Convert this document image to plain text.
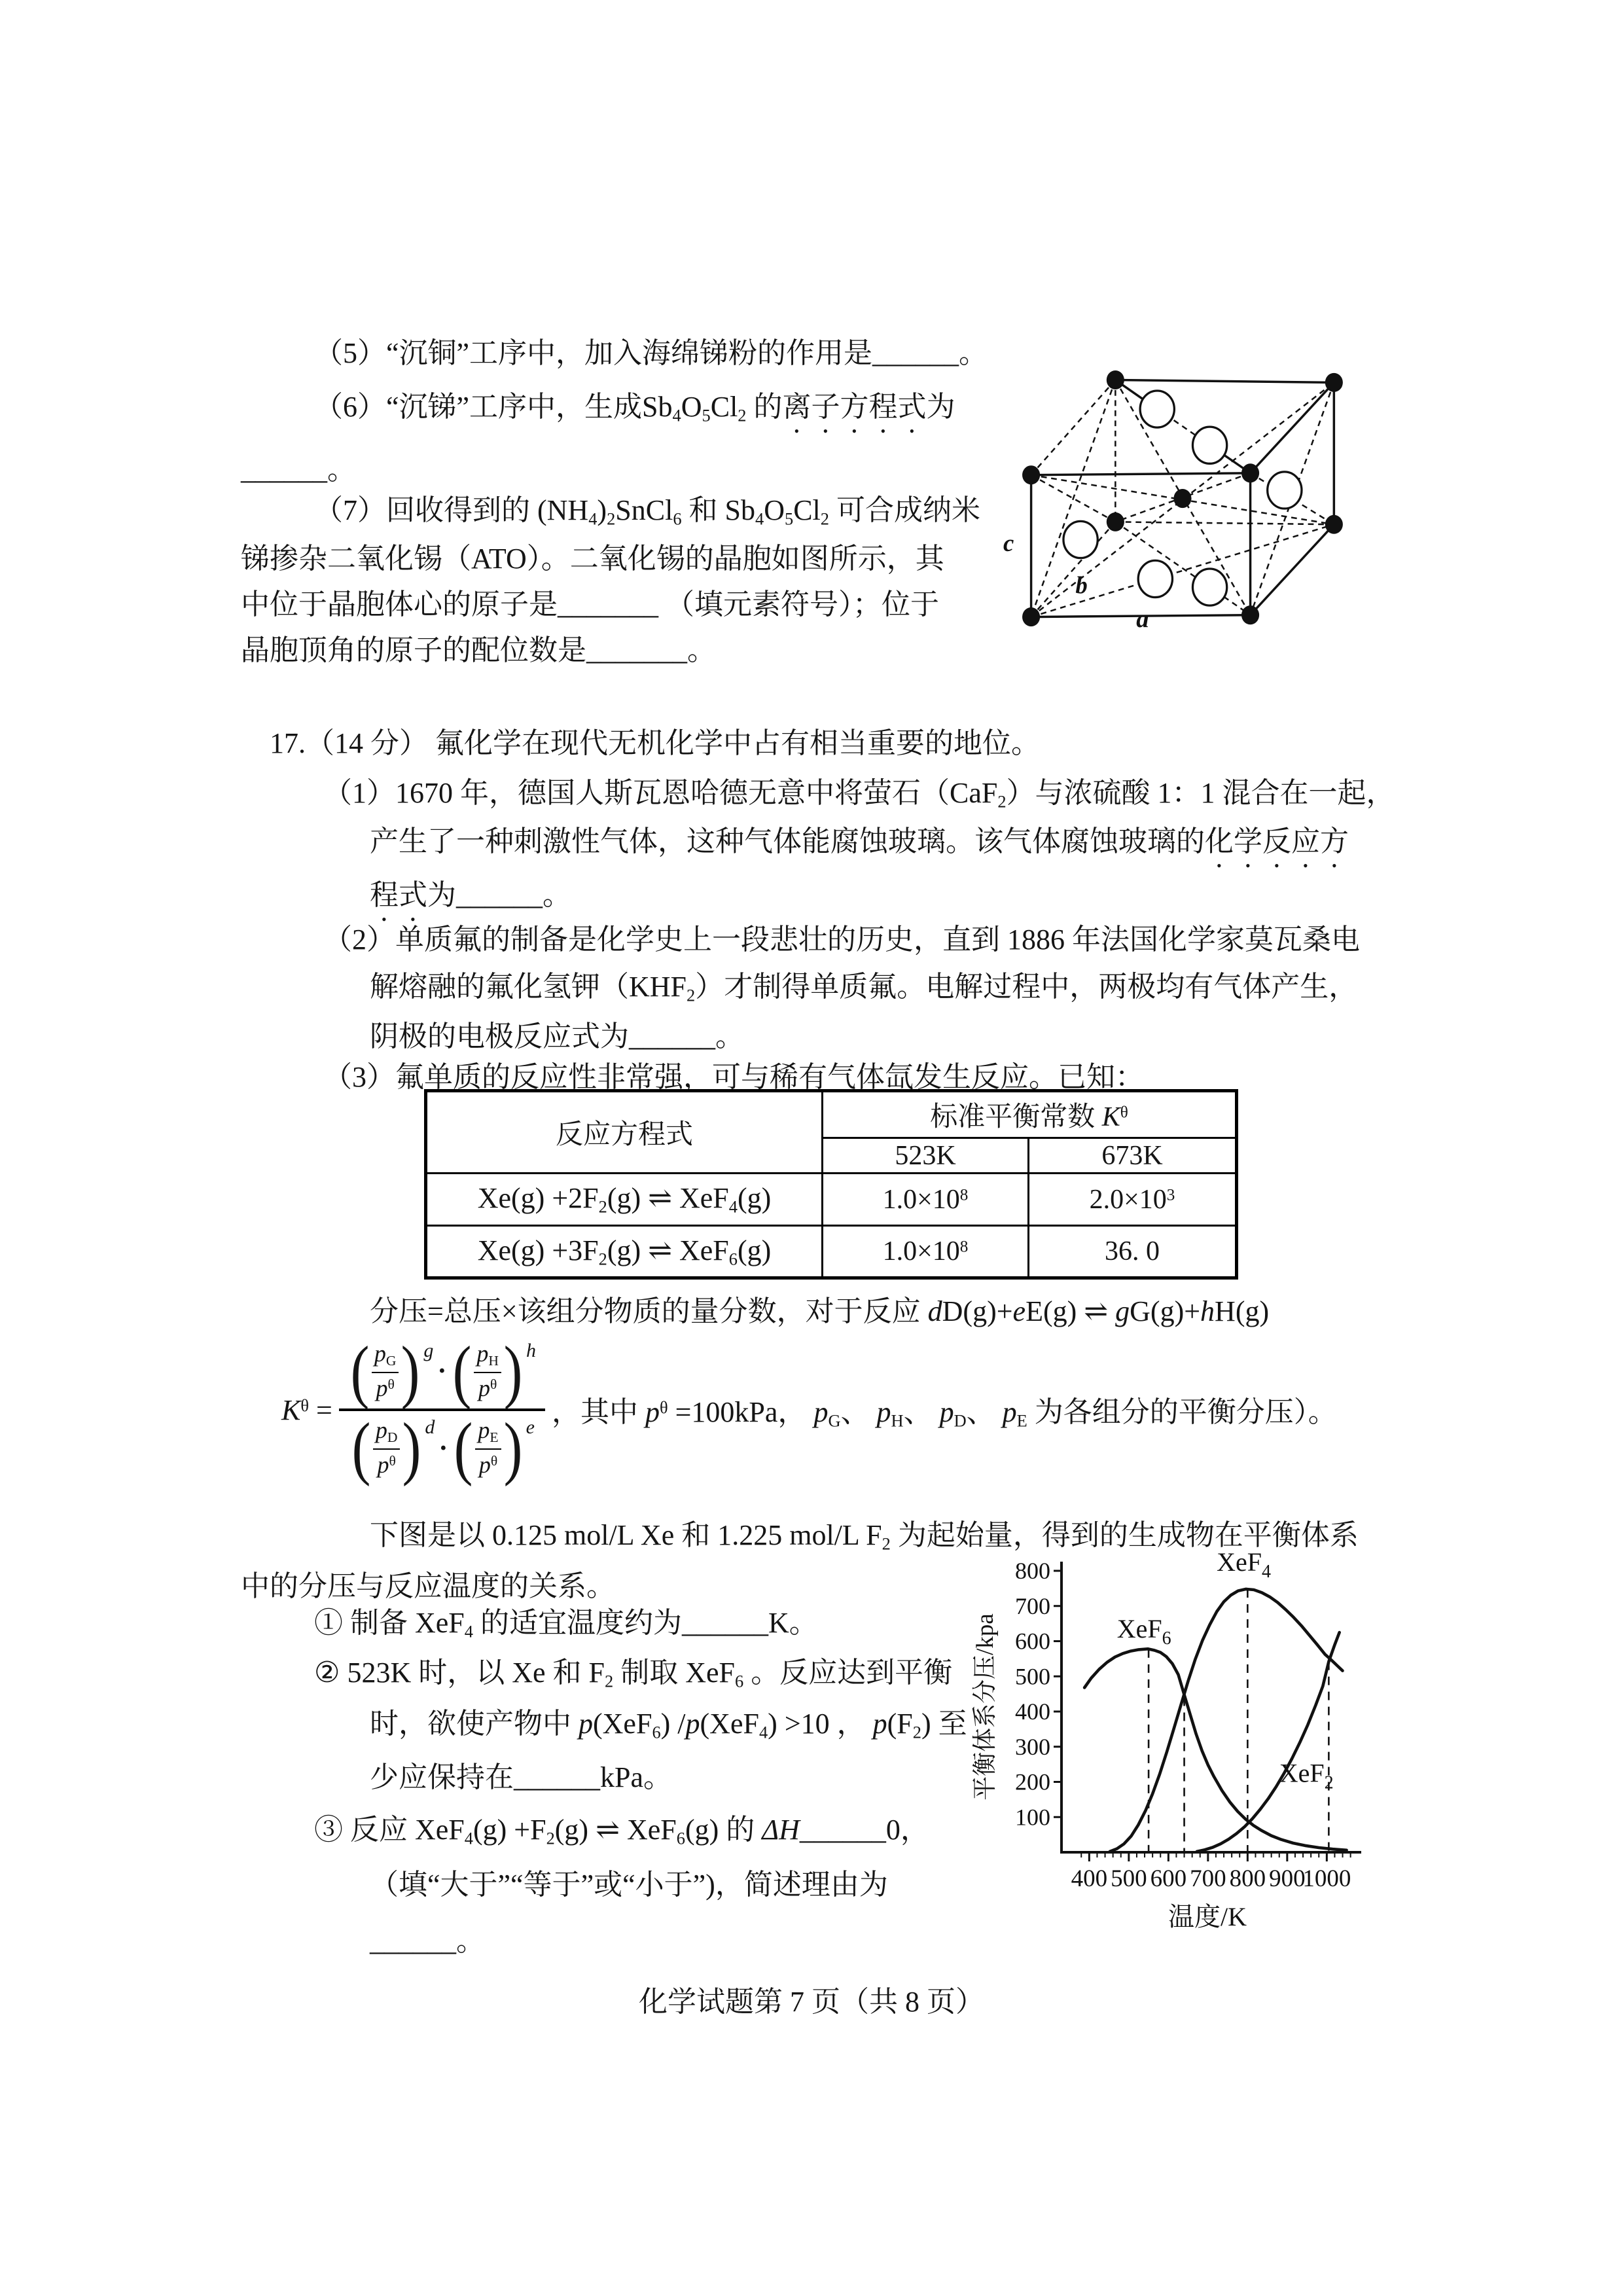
（5）“沉铜”工序中，加入海绵锑粉的作用是______。
（6）“沉锑”工序中，生成$Sb_4O_5Cl_2$ 的离子方程式为
______。
（7）回收得到的 $(NH_4)_2SnCl_6$ 和 $Sb_4O_5Cl_2$ 可合成纳米
锑掺杂二氧化锡（ATO）。二氧化锡的晶胞如图所示，其
中位于晶胞体心的原子是_______ （填元素符号）；位于
晶胞顶角的原子的配位数是_______。
c
b
a
17.（14 分） 氟化学在现代无机化学中占有相当重要的地位。
（1）1670 年，德国人斯瓦恩哈德无意中将萤石（CaF$_2$）与浓硫酸 1：1 混合在一起，
产生了一种刺激性气体，这种气体能腐蚀玻璃。该气体腐蚀玻璃的化学反应方
程式为______。
（2）单质氟的制备是化学史上一段悲壮的历史，直到 1886 年法国化学家莫瓦桑电
解熔融的氟化氢钾$(KHF_2)$才制得单质氟。电解过程中，两极均有气体产生，
阴极的电极反应式为______。
（3）氟单质的反应性非常强，可与稀有气体氙发生反应。已知：
反应方程式	标准平衡常数 $K^\theta$
	523K	673K
$Xe(g) +2F_2(g)$ ⇌ XeF$_4$(g)	$1.0\times 10^8$	$2.0\times 10^3$
$Xe(g) +3F_2(g)$ ⇌ XeF$_6$(g)	$1.0\times 10^8$	36. 0
分压=总压×该组分物质的量分数，对于反应 dD(g)+eE(g) ⇌ gG(g)+hH(g)
$K^\theta$ = ( $p_G$
$p^\theta$ ) g
· ( $p_H$
$p^\theta$ ) h
( $p_D$
$p^\theta$ ) d
· ( $p_E$
$p^\theta$ ) e ，其中 $p^\theta =100kPa$， $p_G$、 $p_H$、 $p_D$、 $p_E$ 为各组分的平衡分压）。
下图是以 0.125 mol/L Xe 和 1.225 mol/L $F_2$ 为起始量，得到的生成物在平衡体系
中的分压与反应温度的关系。
① 制备 XeF$_4$ 的适宜温度约为______K。
② 523K 时，以 Xe 和 $F_2$ 制取 XeF$_6$ 。反应达到平衡
时，欲使产物中 p(XeF$_6$) /p(XeF$_4$) >10 ， $p(F_2)$ 至
少应保持在______kPa。
③ 反应 $XeF_4(g) +F_2(g)$ ⇌ XeF$_6$(g) 的 ΔH______0，
（填“大于”“等于”或“小于”)，简述理由为
______。
100
200
300
400
500
600
700
800
400 500 600 700 800 900
1000
XeF$_6$
XeF$_4$
XeF$_2$
平衡体系分压/kpa
温度/K
化学试题第 7 页（共 8 页）
